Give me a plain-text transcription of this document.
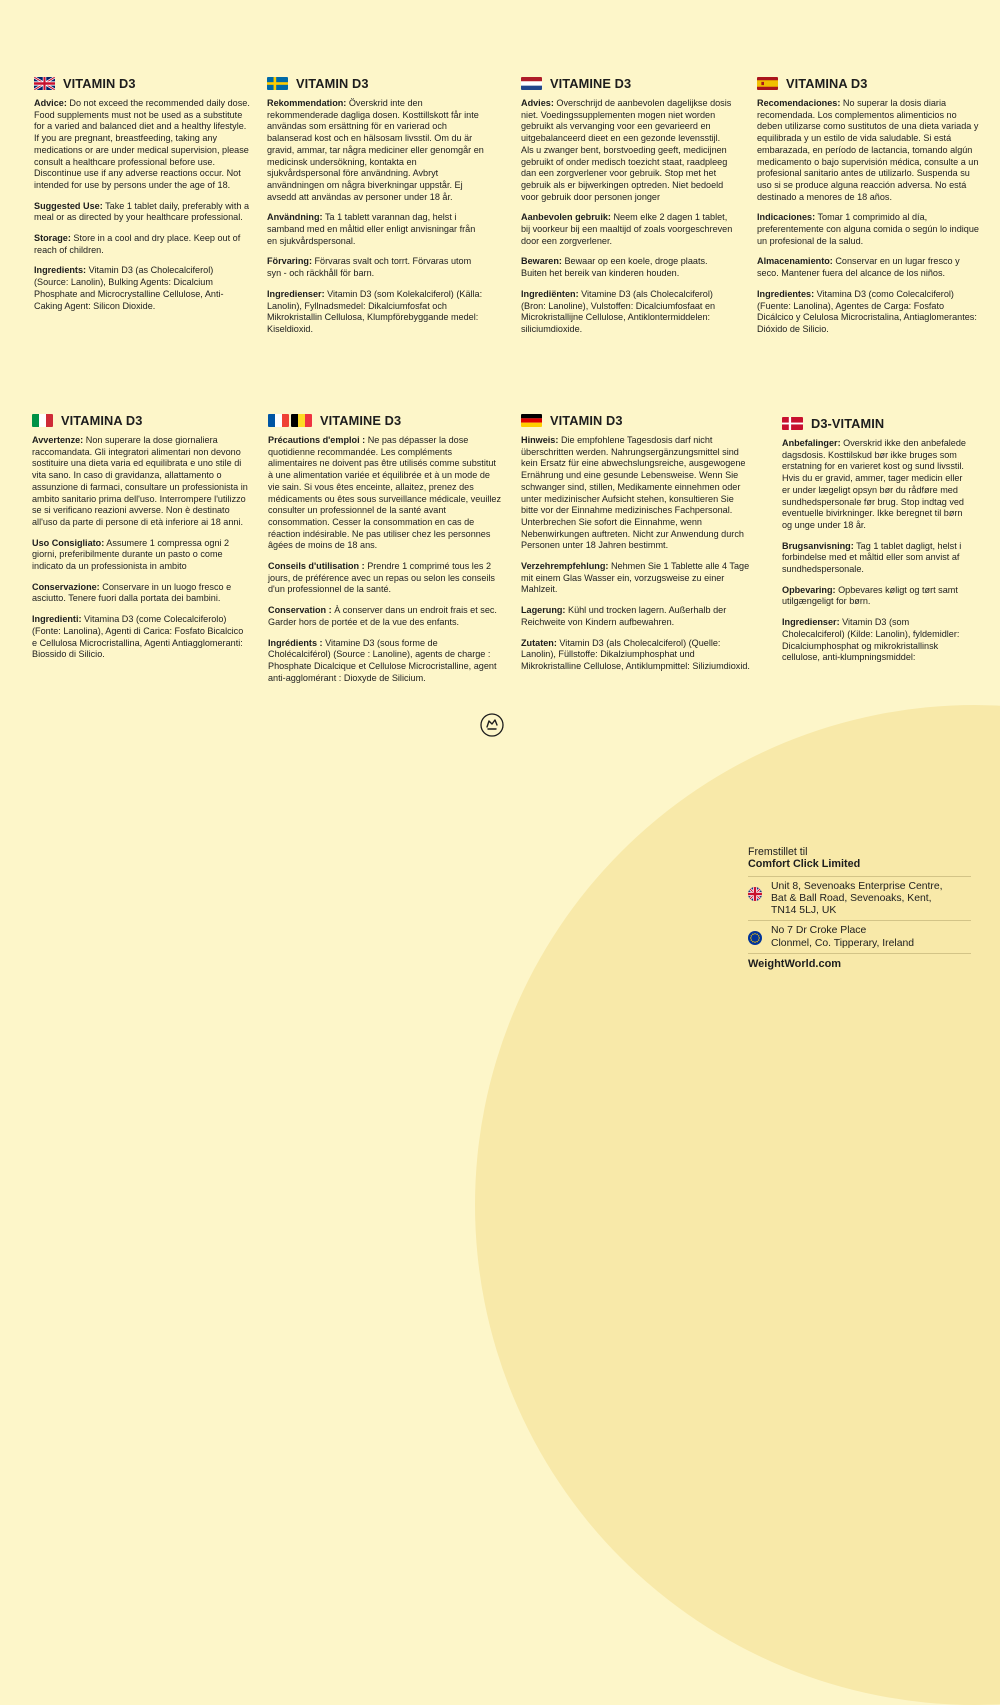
VITAMIN D3

Advice: Do not exceed the recommended daily dose. Food supplements must not be used as a substitute for a varied and balanced diet and a healthy lifestyle. If you are pregnant, breastfeeding, taking any medications or are under medical supervision, please consult a healthcare professional before use. Discontinue use if any adverse reactions occur. Not intended for use by persons under the age of 18.

Suggested Use: Take 1 tablet daily, preferably with a meal or as directed by your healthcare professional.

Storage: Store in a cool and dry place. Keep out of reach of children.

Ingredients: Vitamin D3 (as Cholecalciferol) (Source: Lanolin), Bulking Agents: Dicalcium Phosphate and Microcrystalline Cellulose, Anti-Caking Agent: Silicon Dioxide.

VITAMIN D3

Rekommendation: Överskrid inte den rekommenderade dagliga dosen. Kosttillskott får inte användas som ersättning för en varierad och balanserad kost och en hälsosam livsstil. Om du är gravid, ammar, tar några mediciner eller genomgår en medicinsk undersökning, kontakta en sjukvårdspersonal före användning. Avbryt användningen om några biverkningar uppstår. Ej avsedd att användas av personer under 18 år.

Användning: Ta 1 tablett varannan dag, helst i samband med en måltid eller enligt anvisningar från en sjukvårdspersonal.

Förvaring: Förvaras svalt och torrt. Förvaras utom syn - och räckhåll för barn.

Ingredienser: Vitamin D3 (som Kolekalciferol) (Källa: Lanolin), Fyllnadsmedel: Dikalciumfosfat och Mikrokristallin Cellulosa, Klumpförebyggande medel: Kiseldioxid.

VITAMINE D3

Advies: Overschrijd de aanbevolen dagelijkse dosis niet. Voedingssupplementen mogen niet worden gebruikt als vervanging voor een gevarieerd en uitgebalanceerd dieet en een gezonde levensstijl. Als u zwanger bent, borstvoeding geeft, medicijnen gebruikt of onder medisch toezicht staat, raadpleeg dan een zorgverlener voor gebruik. Stop met het gebruik als er bijwerkingen optreden. Niet bedoeld voor gebruik door personen jonger

Aanbevolen gebruik: Neem elke 2 dagen 1 tablet, bij voorkeur bij een maaltijd of zoals voorgeschreven door een zorgverlener.

Bewaren: Bewaar op een koele, droge plaats. Buiten het bereik van kinderen houden.

Ingrediënten: Vitamine D3 (als Cholecalciferol) (Bron: Lanoline), Vulstoffen: Dicalciumfosfaat en Microkristallijne Cellulose, Antiklontermiddelen: siliciumdioxide.

VITAMINA D3

Recomendaciones: No superar la dosis diaria recomendada. Los complementos alimenticios no deben utilizarse como sustitutos de una dieta variada y equilibrada y un estilo de vida saludable. Si está embarazada, en período de lactancia, tomando algún medicamento o bajo supervisión médica, consulte a un profesional sanitario antes de utilizarlo. Suspenda su uso si se produce alguna reacción adversa. No está destinado a menores de 18 años.

Indicaciones: Tomar 1 comprimido al día, preferentemente con alguna comida o según lo indique un profesional de la salud.

Almacenamiento: Conservar en un lugar fresco y seco. Mantener fuera del alcance de los niños.

Ingredientes: Vitamina D3 (como Colecalciferol) (Fuente: Lanolina), Agentes de Carga: Fosfato Dicálcico y Celulosa Microcristalina, Antiaglomerantes: Dióxido de Silicio.

VITAMINA D3

Avvertenze: Non superare la dose giornaliera raccomandata. Gli integratori alimentari non devono sostituire una dieta varia ed equilibrata e uno stile di vita sano. In caso di gravidanza, allattamento o assunzione di farmaci, consultare un professionista in ambito sanitario prima dell'uso. Interrompere l'utilizzo se si verificano reazioni avverse. Non è destinato all'uso da parte di persone di età inferiore ai 18 anni.

Uso Consigliato: Assumere 1 compressa ogni 2 giorni, preferibilmente durante un pasto o come indicato da un professionista in ambito

Conservazione: Conservare in un luogo fresco e asciutto. Tenere fuori dalla portata dei bambini.

Ingredienti: Vitamina D3 (come Colecalciferolo) (Fonte: Lanolina), Agenti di Carica: Fosfato Bicalcico e Cellulosa Microcristallina, Agenti Antiagglomeranti: Biossido di Silicio.

VITAMINE D3

Précautions d'emploi : Ne pas dépasser la dose quotidienne recommandée. Les compléments alimentaires ne doivent pas être utilisés comme substitut à une alimentation variée et équilibrée et à un mode de vie sain. Si vous êtes enceinte, allaitez, prenez des médicaments ou êtes sous surveillance médicale, veuillez consulter un professionnel de la santé avant consommation. Cesser la consommation en cas de réaction indésirable. Ne pas utiliser chez les personnes âgées de moins de 18 ans.

Conseils d'utilisation : Prendre 1 comprimé tous les 2 jours, de préférence avec un repas ou selon les conseils d'un professionnel de la santé.

Conservation : À conserver dans un endroit frais et sec. Garder hors de portée et de la vue des enfants.

Ingrédients : Vitamine D3 (sous forme de Cholécalciférol) (Source : Lanoline), agents de charge : Phosphate Dicalcique et Cellulose Microcristalline, agent anti-agglomérant : Dioxyde de Silicium.

VITAMIN D3

Hinweis: Die empfohlene Tagesdosis darf nicht überschritten werden. Nahrungsergänzungsmittel sind kein Ersatz für eine abwechslungsreiche, ausgewogene Ernährung und eine gesunde Lebensweise. Wenn Sie schwanger sind, stillen, Medikamente einnehmen oder unter medizinischer Aufsicht stehen, konsultieren Sie bitte vor der Einnahme medizinisches Fachpersonal. Unterbrechen Sie sofort die Einnahme, wenn Nebenwirkungen auftreten. Nicht zur Anwendung durch Personen unter 18 Jahren bestimmt.

Verzehrempfehlung: Nehmen Sie 1 Tablette alle 4 Tage mit einem Glas Wasser ein, vorzugsweise zu einer Mahlzeit.

Lagerung: Kühl und trocken lagern. Außerhalb der Reichweite von Kindern aufbewahren.

Zutaten: Vitamin D3 (als Cholecalciferol) (Quelle: Lanolin), Füllstoffe: Dikalziumphosphat und Mikrokristalline Cellulose, Antiklumpmittel: Siliziumdioxid.

D3-VITAMIN

Anbefalinger: Overskrid ikke den anbefalede dagsdosis. Kosttilskud bør ikke bruges som erstatning for en varieret kost og sund livsstil. Hvis du er gravid, ammer, tager medicin eller er under lægeligt opsyn bør du rådføre med sundhedspersonale før brug. Stop indtag ved eventuelle bivirkninger. Ikke beregnet til børn og unge under 18 år.

Brugsanvisning: Tag 1 tablet dagligt, helst i forbindelse med et måltid eller som anvist af sundhedspersonale.

Opbevaring: Opbevares køligt og tørt samt utilgængeligt for børn.

Ingredienser: Vitamin D3 (som Cholecalciferol) (Kilde: Lanolin), fyldemidler: Dicalciumphosphat og mikrokristallinsk cellulose, anti-klumpningsmiddel:

Fremstillet til
Comfort Click Limited
Unit 8, Sevenoaks Enterprise Centre,
Bat & Ball Road, Sevenoaks, Kent,
TN14 5LJ, UK
No 7 Dr Croke Place
Clonmel, Co. Tipperary, Ireland
WeightWorld.com
